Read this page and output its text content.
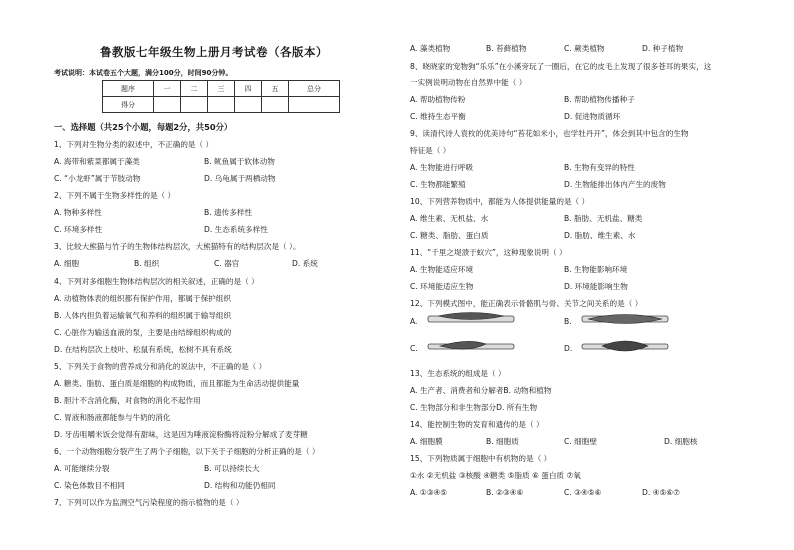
鲁教版七年级生物上册月考试卷（各版本）
考试说明：本试卷五个大题，满分100分，时间90分钟。
题序	一	二	三	四	五	总分
得分						
一、选择题（共25个小题，每题2分，共50分）
1、下列对生物分类的叙述中，不正确的是（ ）
A. 海带和紫菜都属于藻类	B. 鱿鱼属于软体动物
C. “小龙虾”属于节肢动物	D. 乌龟属于两栖动物
2、下列不属于生物多样性的是（ ）
A. 物种多样性	B. 遗传多样性
C. 环境多样性	D. 生态系统多样性
3、比较大熊猫与竹子的生物体结构层次，大熊猫特有的结构层次是（ ）。
A. 细胞	B. 组织	C. 器官	D. 系统
4、下列对多细胞生物体结构层次的相关叙述，正确的是（ ）
A. 动植物体表的组织都有保护作用，都属于保护组织
B. 人体内担负着运输氧气和养料的组织属于输导组织
C. 心脏作为输送血液的泵，主要是由结缔组织构成的
D. 在结构层次上枝叶、松鼠有系统，松树不具有系统
5、下列关于食物的营养成分和消化的说法中，不正确的是（ ）
A. 糖类、脂肪、蛋白质是细胞的构成物质，而且都能为生命活动提供能量
B. 胆汁不含消化酶，对食物的消化不起作用
C. 胃液和肠液都能参与牛奶的消化
D. 牙齿咀嚼米饭会觉得有甜味，这是因为唾液淀粉酶将淀粉分解成了麦芽糖
6、一个动物细胞分裂产生了两个子细胞，以下关于子细胞的分析正确的是（ ）
A. 可能继续分裂	B. 可以持续长大
C. 染色体数目不相同	D. 结构和功能仍相同
7、下列可以作为监测空气污染程度的指示植物的是（ ）
A. 藻类植物	B. 苔藓植物	C. 蕨类植物	D. 种子植物
8、晓晓家的宠物狗“乐乐”在小溪旁玩了一圈后，在它的皮毛上发现了很多苍耳的果实，这
一实例说明动物在自然界中能（ ）
A. 帮助植物传粉	B. 帮助植物传播种子
C. 维持生态平衡	D. 促进物质循环
9、读清代诗人袁枚的优美诗句“苔花如米小，也学牡丹开”，体会到其中包含的生物
特征是（ ）
A. 生物能进行呼吸	B. 生物有变异的特性
C. 生物都能繁殖	D. 生物能排出体内产生的废物
10、下列营养物质中，都能为人体提供能量的是（ ）
A. 维生素、无机盐、水	B. 脂肪、无机盐、糖类
C. 糖类、脂肪、蛋白质	D. 脂肪、维生素、水
11、“千里之堤溃于蚁穴”，这种现象说明（ ）
A. 生物能适应环境	B. 生物能影响环境
C. 环境能适应生物	D. 环境能影响生物
12、下列模式图中，能正确表示骨骼肌与骨、关节之间关系的是（ ）
A.	B.
C.	D.
13、生态系统的组成是（ ）
A. 生产者、消费者和分解者B. 动物和植物
C. 生物部分和非生物部分D. 所有生物
14、能控制生物的发育和遗传的是（ ）
A. 细胞膜	B. 细胞质	C. 细胞壁	D. 细胞核
15、下列物质属于细胞中有机物的是（ ）
①水 ②无机盐 ③核酸 ④糖类 ⑤脂质 ⑥ 蛋白质 ⑦氧
A. ①③④⑤	B. ②③④⑥	C. ③④⑤⑥	D. ④⑤⑥⑦
